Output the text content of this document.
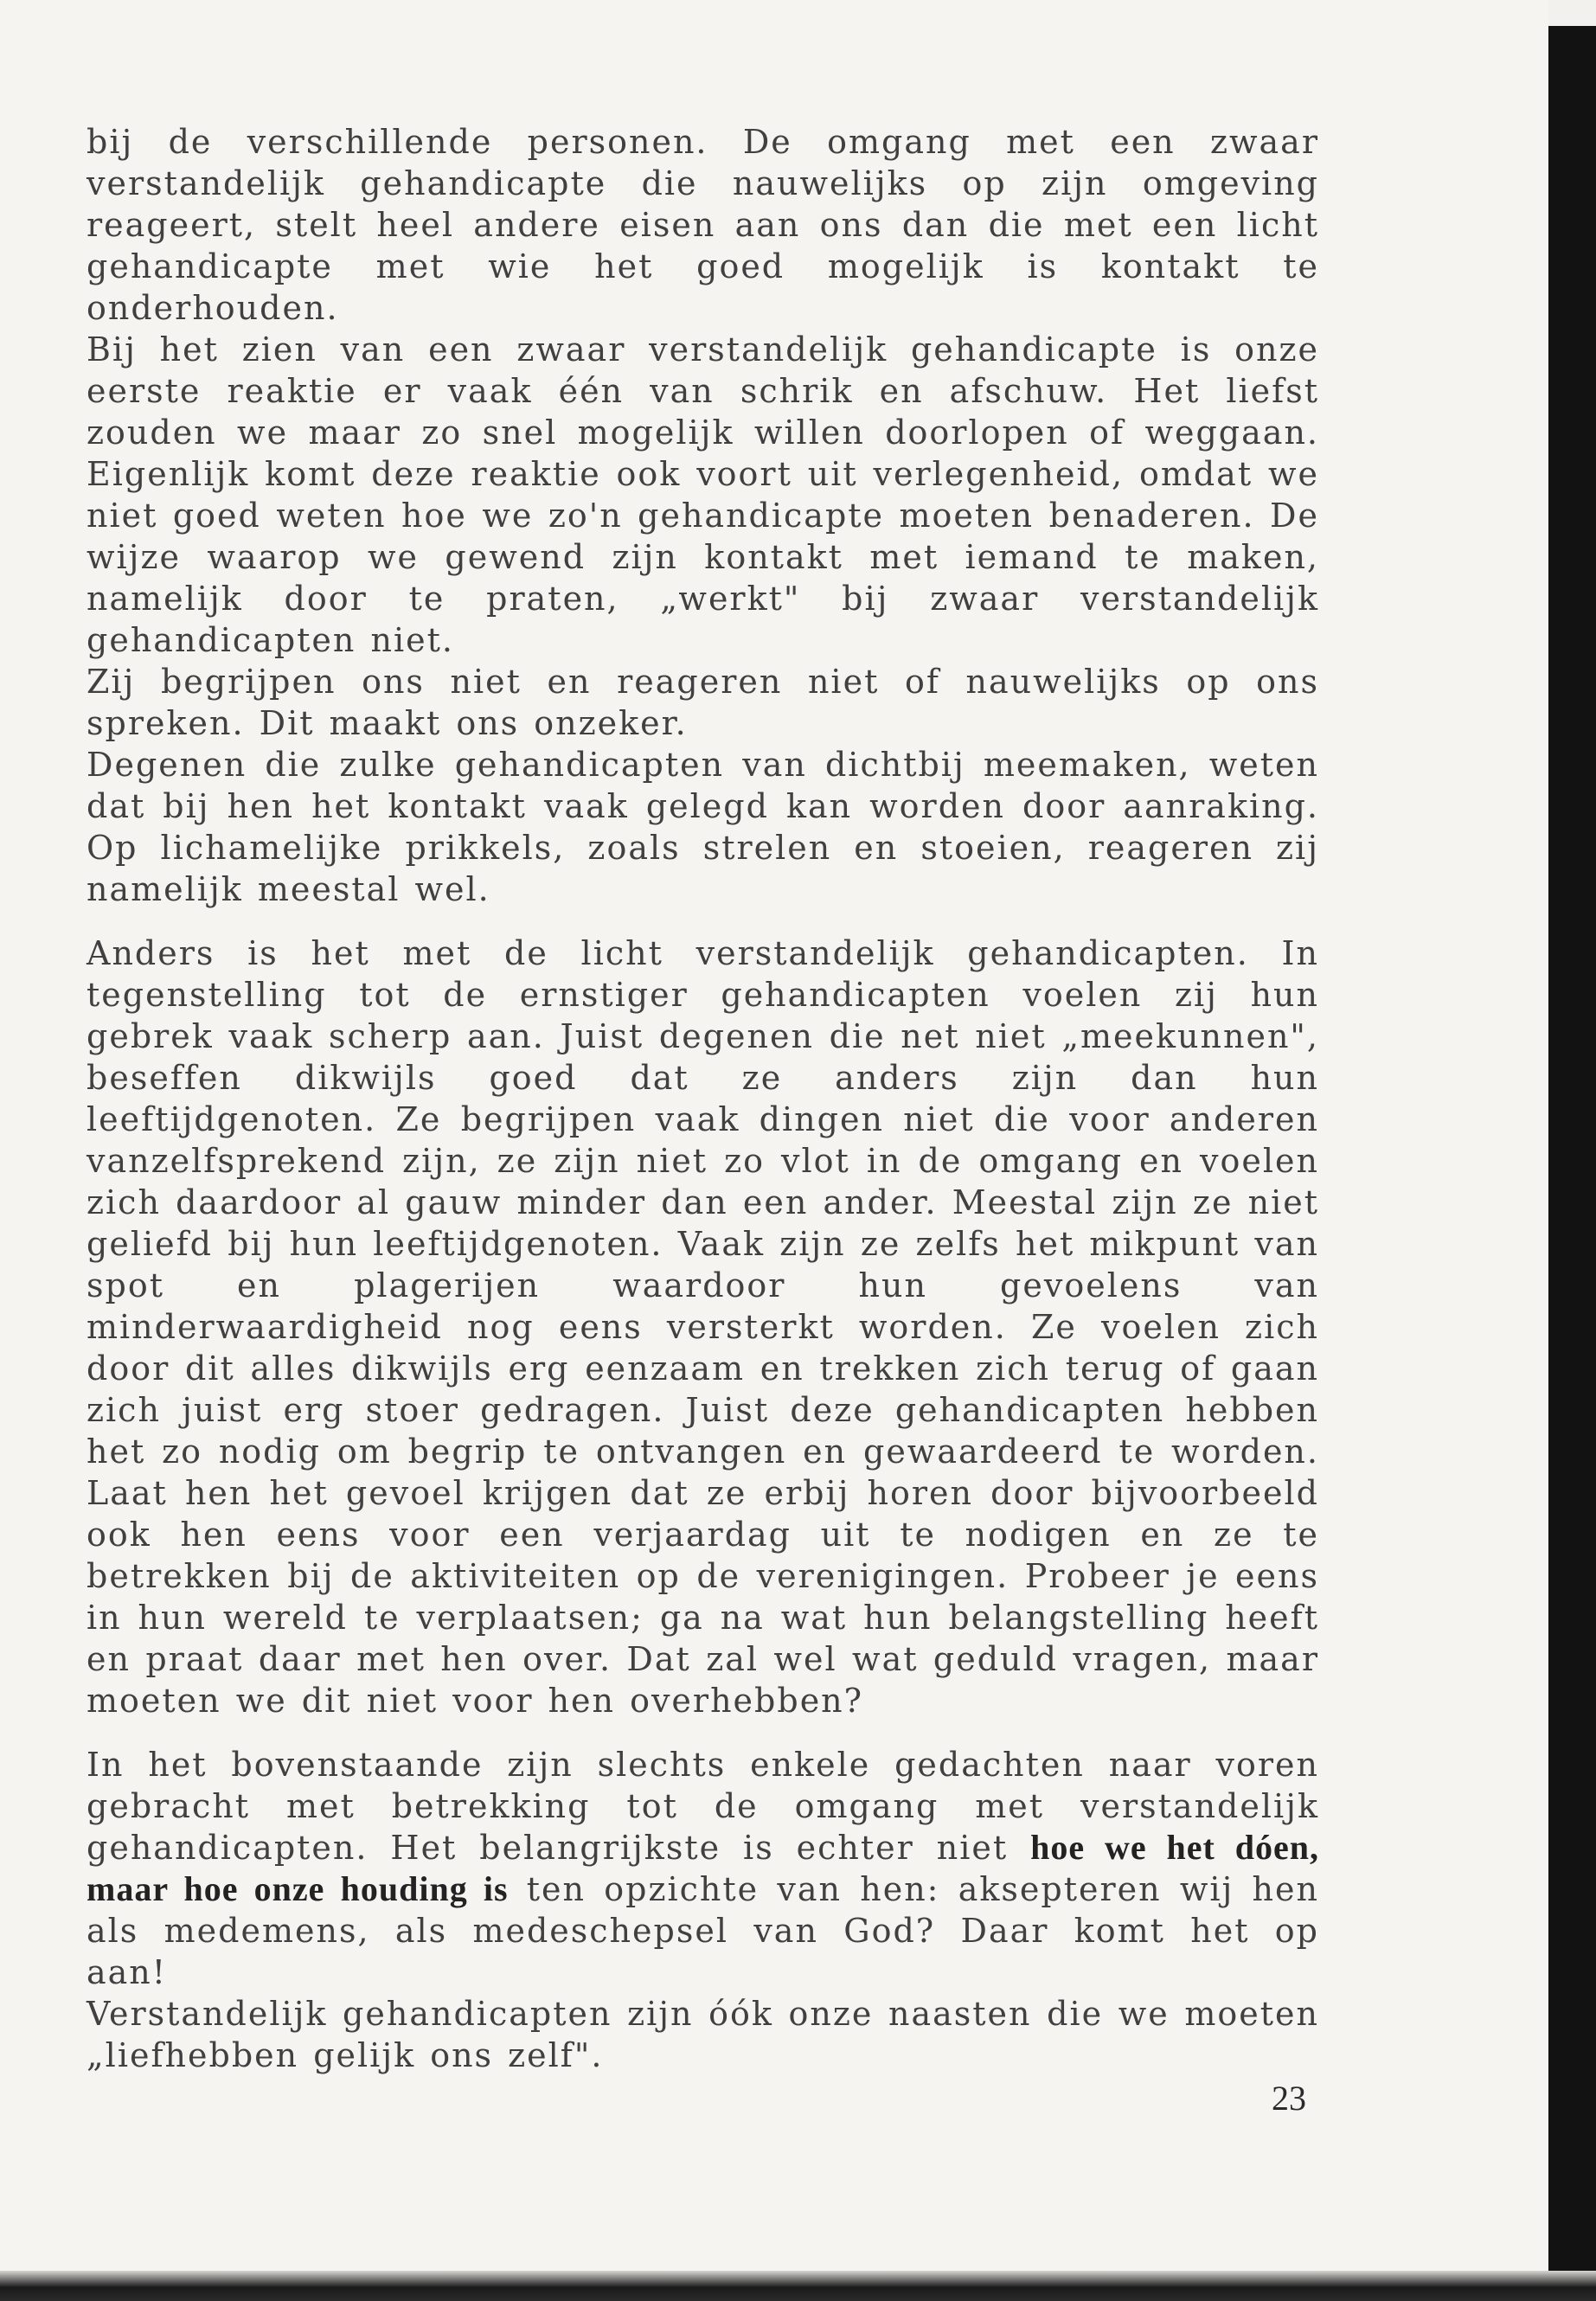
bij de verschillende personen. De omgang met een zwaar verstandelijk gehandicapte die nauwelijks op zijn omgeving reageert, stelt heel andere eisen aan ons dan die met een licht gehandicapte met wie het goed mogelijk is kontakt te onderhouden.

Bij het zien van een zwaar verstandelijk gehandicapte is onze eerste reaktie er vaak één van schrik en afschuw. Het liefst zouden we maar zo snel mogelijk willen doorlopen of weggaan. Eigenlijk komt deze reaktie ook voort uit verlegenheid, omdat we niet goed weten hoe we zo'n gehandicapte moeten benaderen. De wijze waarop we gewend zijn kontakt met iemand te maken, namelijk door te praten, „werkt" bij zwaar verstandelijk gehandicapten niet.

Zij begrijpen ons niet en reageren niet of nauwelijks op ons spreken. Dit maakt ons onzeker.

Degenen die zulke gehandicapten van dichtbij meemaken, weten dat bij hen het kontakt vaak gelegd kan worden door aanraking. Op lichamelijke prikkels, zoals strelen en stoeien, reageren zij namelijk meestal wel.

Anders is het met de licht verstandelijk gehandicapten. In tegenstelling tot de ernstiger gehandicapten voelen zij hun gebrek vaak scherp aan. Juist degenen die net niet „meekunnen", beseffen dikwijls goed dat ze anders zijn dan hun leeftijdgenoten. Ze begrijpen vaak dingen niet die voor anderen vanzelfsprekend zijn, ze zijn niet zo vlot in de omgang en voelen zich daardoor al gauw minder dan een ander. Meestal zijn ze niet geliefd bij hun leeftijdgenoten. Vaak zijn ze zelfs het mikpunt van spot en plagerijen waardoor hun gevoelens van minderwaardigheid nog eens versterkt worden. Ze voelen zich door dit alles dikwijls erg eenzaam en trekken zich terug of gaan zich juist erg stoer gedragen. Juist deze gehandicapten hebben het zo nodig om begrip te ontvangen en gewaardeerd te worden. Laat hen het gevoel krijgen dat ze erbij horen door bijvoorbeeld ook hen eens voor een verjaardag uit te nodigen en ze te betrekken bij de aktiviteiten op de verenigingen. Probeer je eens in hun wereld te verplaatsen; ga na wat hun belangstelling heeft en praat daar met hen over. Dat zal wel wat geduld vragen, maar moeten we dit niet voor hen overhebben?

In het bovenstaande zijn slechts enkele gedachten naar voren gebracht met betrekking tot de omgang met verstandelijk gehandicapten. Het belangrijkste is echter niet hoe we het dóen, maar hoe onze houding is ten opzichte van hen: aksepteren wij hen als medemens, als medeschepsel van God? Daar komt het op aan!

Verstandelijk gehandicapten zijn óók onze naasten die we moeten „liefhebben gelijk ons zelf".

23
